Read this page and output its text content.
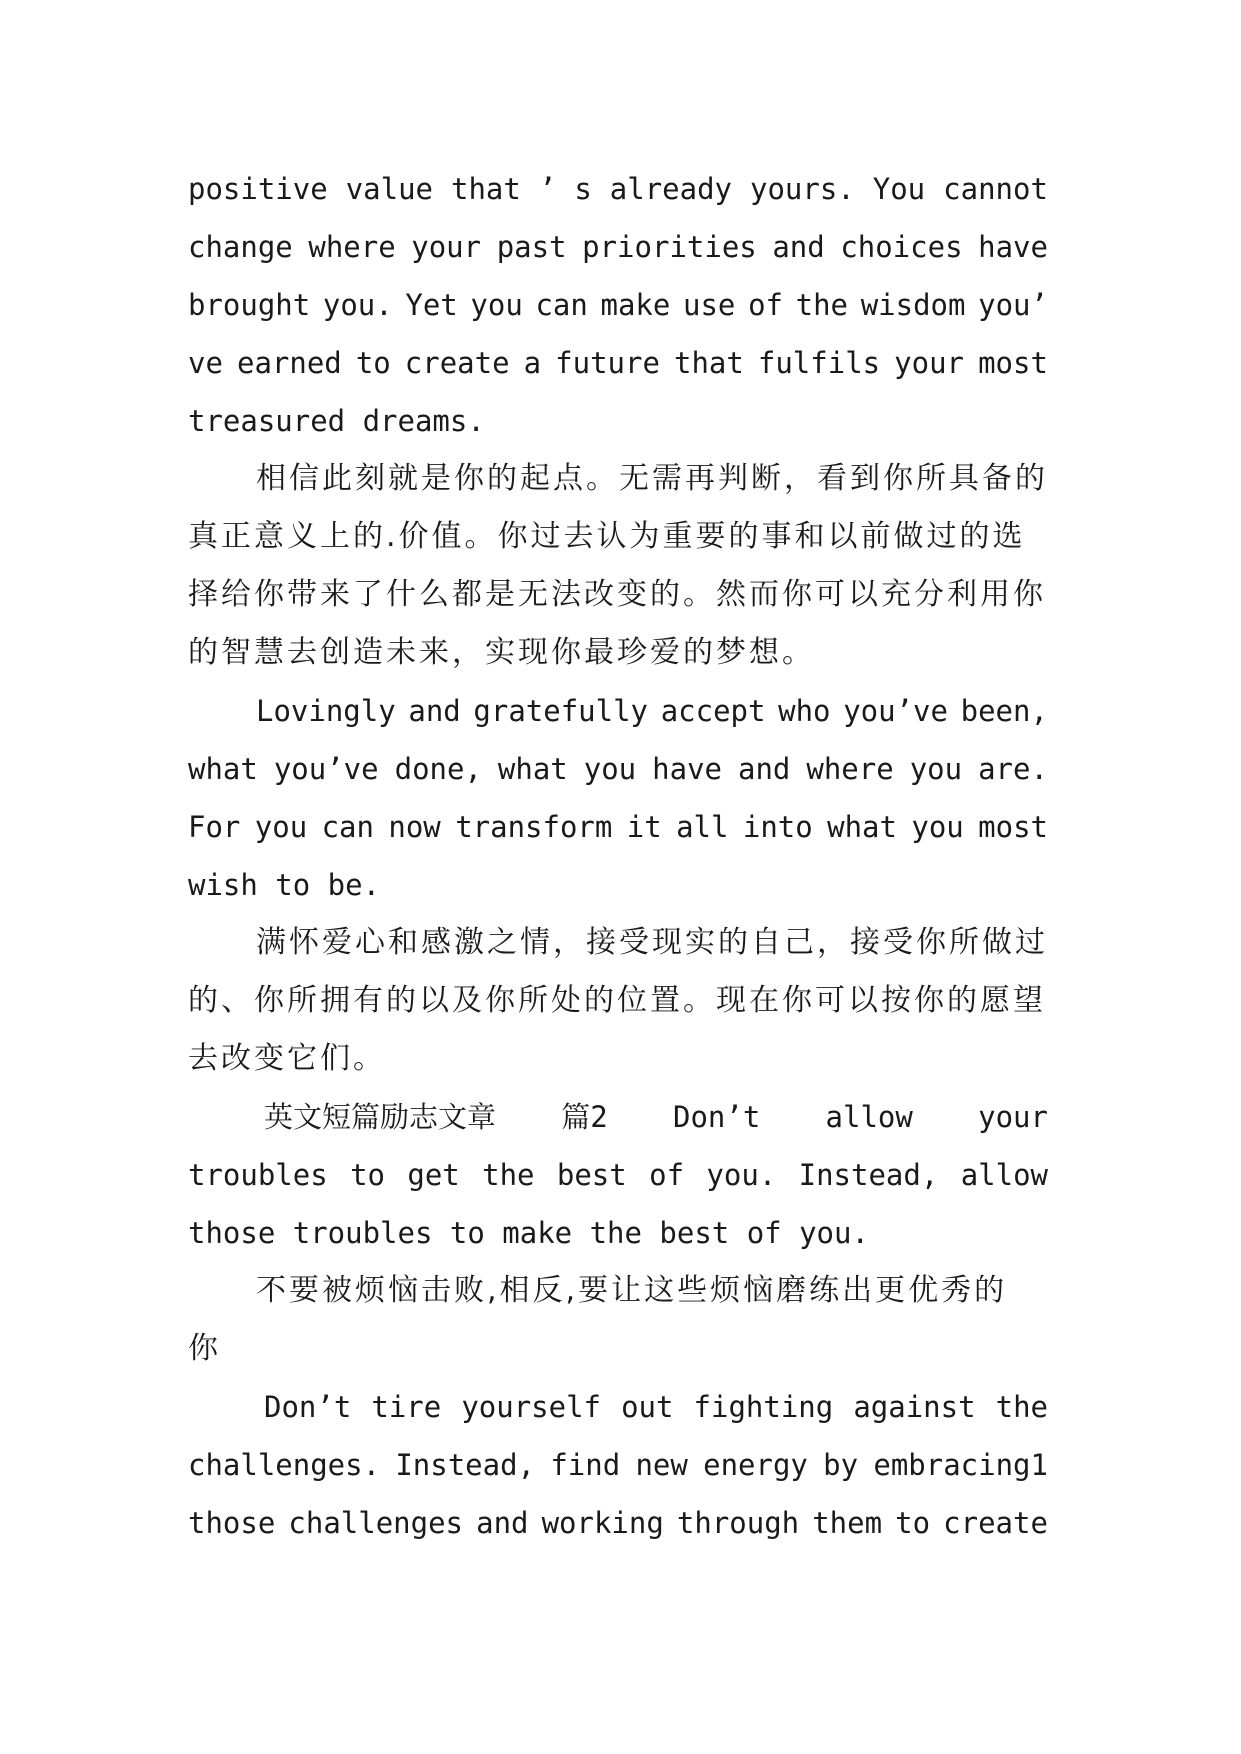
positive value that ’ s already yours. You cannot
change where your past priorities and choices have
brought you. Yet you can make use of the wisdom you’
ve earned to create a future that fulfils your most
treasured dreams.
相信此刻就是你的起点。无需再判断，看到你所具备的
真正意义上的.价值。你过去认为重要的事和以前做过的选
择给你带来了什么都是无法改变的。然而你可以充分利用你
的智慧去创造未来，实现你最珍爱的梦想。
Lovingly and gratefully accept who you’ve been,
what you’ve done, what you have and where you are.
For you can now transform it all into what you most
wish to be.
满怀爱心和感激之情，接受现实的自己，接受你所做过
的、你所拥有的以及你所处的位置。现在你可以按你的愿望
去改变它们。
英文短篇励志文章 篇2 Don’t allow your
troubles to get the best of you. Instead, allow
those troubles to make the best of you.
不要被烦恼击败,相反,要让这些烦恼磨练出更优秀的
你
Don’t tire yourself out fighting against the
challenges. Instead, find new energy by embracing1
those challenges and working through them to create
